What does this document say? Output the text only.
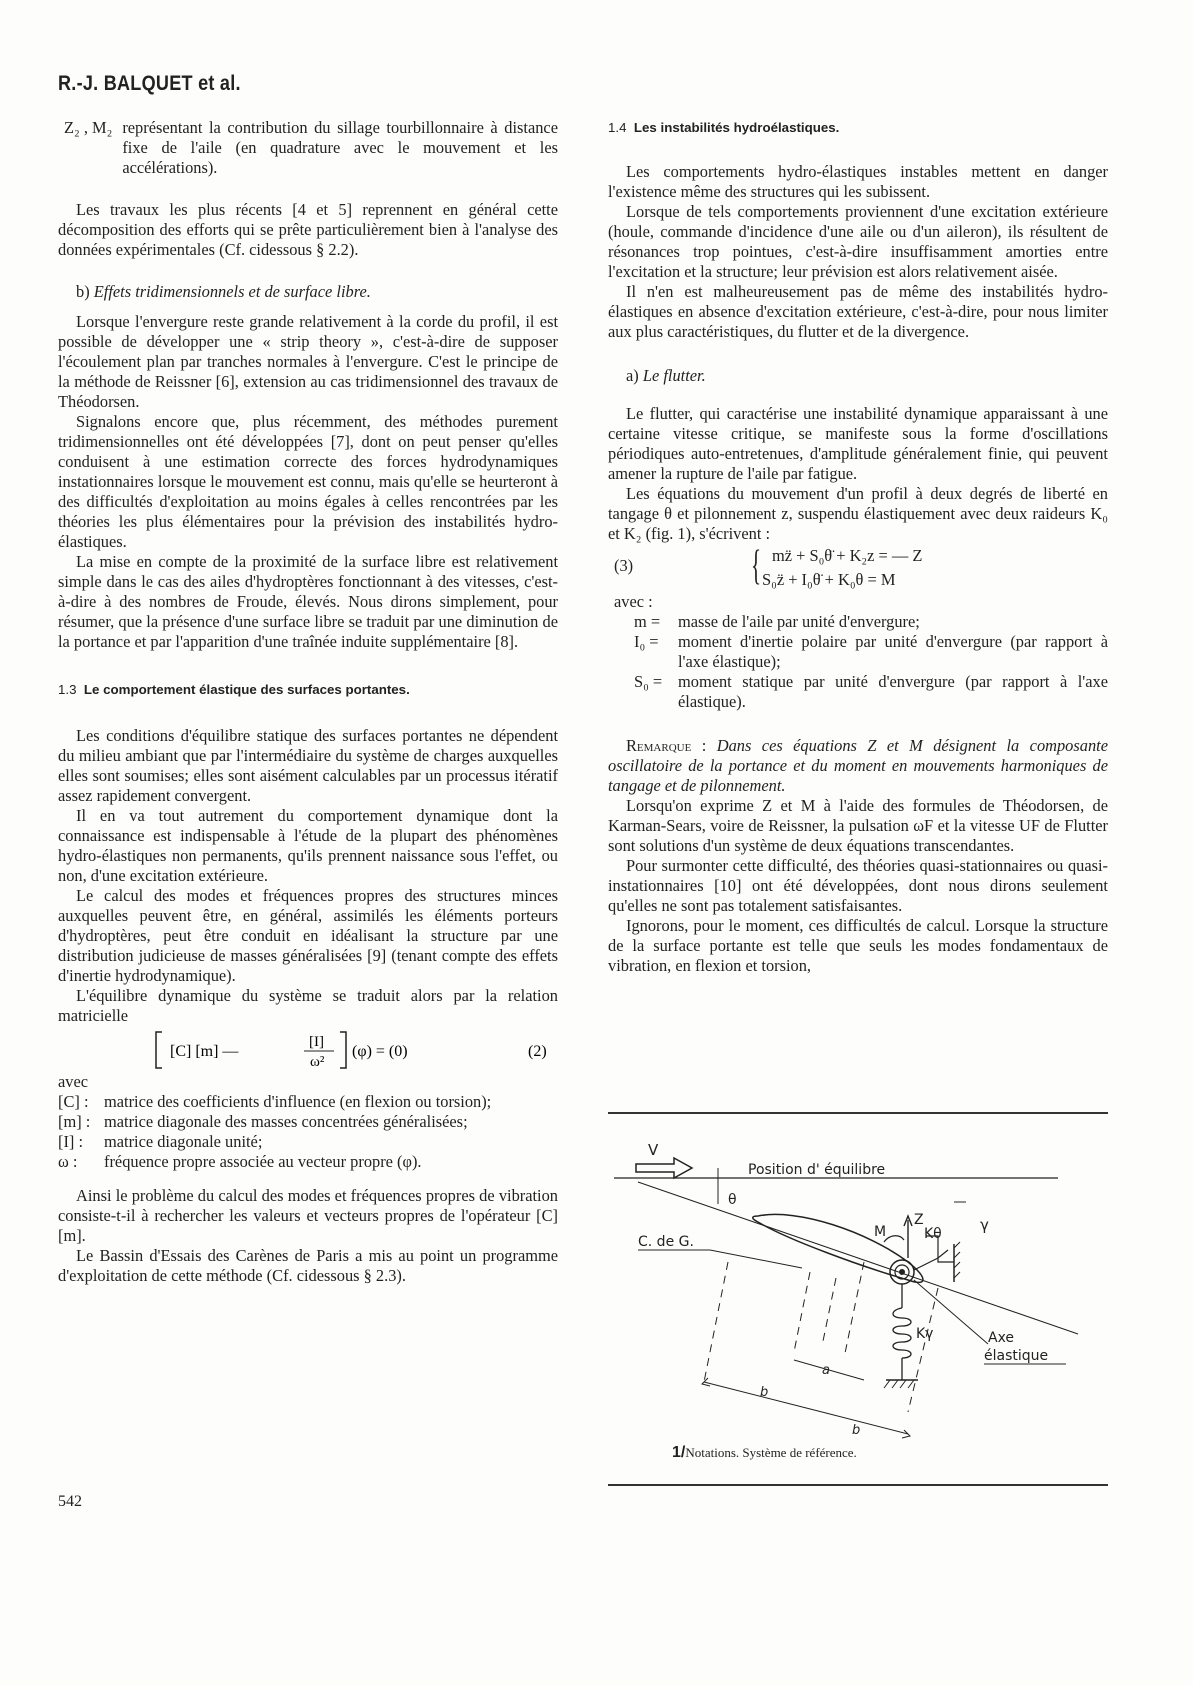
R.-J. BALQUET et al.
Z₂ , M₂ représentant la contribution du sillage tourbillonnaire à distance fixe de l'aile (en quadrature avec le mouvement et les accélérations).

Les travaux les plus récents [4 et 5] reprennent en général cette décomposition des efforts qui se prête particulièrement bien à l'analyse des données expérimentales (Cf. cidessous § 2.2).

b) Effets tridimensionnels et de surface libre.

Lorsque l'envergure reste grande relativement à la corde du profil, il est possible de développer une « strip theory », c'est-à-dire de supposer l'écoulement plan par tranches normales à l'envergure. C'est le principe de la méthode de Reissner [6], extension au cas tridimensionnel des travaux de Théodorsen.

Signalons encore que, plus récemment, des méthodes purement tridimensionnelles ont été développées [7], dont on peut penser qu'elles conduisent à une estimation correcte des forces hydrodynamiques instationnaires lorsque le mouvement est connu, mais qu'elle se heurteront à des difficultés d'exploitation au moins égales à celles rencontrées par les théories les plus élémentaires pour la prévision des instabilités hydro-élastiques.

La mise en compte de la proximité de la surface libre est relativement simple dans le cas des ailes d'hydroptères fonctionnant à des vitesses, c'est-à-dire à des nombres de Froude, élevés. Nous dirons simplement, pour résumer, que la présence d'une surface libre se traduit par une diminution de la portance et par l'apparition d'une traînée induite supplémentaire [8].

1.3 Le comportement élastique des surfaces portantes.

Les conditions d'équilibre statique des surfaces portantes ne dépendent du milieu ambiant que par l'intermédiaire du système de charges auxquelles elles sont soumises; elles sont aisément calculables par un processus itératif assez rapidement convergent.

Il en va tout autrement du comportement dynamique dont la connaissance est indispensable à l'étude de la plupart des phénomènes hydro-élastiques non permanents, qu'ils prennent naissance sous l'effet, ou non, d'une excitation extérieure.

Le calcul des modes et fréquences propres des structures minces auxquelles peuvent être, en général, assimilés les éléments porteurs d'hydroptères, peut être conduit en idéalisant la structure par une distribution judicieuse de masses généralisées [9] (tenant compte des effets d'inertie hydrodynamique).

L'équilibre dynamique du système se traduit alors par la relation matricielle

[C] [m] —
[I]
ω²
(φ) = (0)	(2)

avec

[C] : matrice des coefficients d'influence (en flexion ou torsion);
[m] : matrice diagonale des masses concentrées généralisées;
[I] :	matrice diagonale unité;
ω :	fréquence propre associée au vecteur propre (φ).

Ainsi le problème du calcul des modes et fréquences propres de vibration consiste-t-il à rechercher les valeurs et vecteurs propres de l'opérateur [C] [m].

Le Bassin d'Essais des Carènes de Paris a mis au point un programme d'exploitation de cette méthode (Cf. cidessous § 2.3).

542
1.4 Les instabilités hydroélastiques.

Les comportements hydro-élastiques instables mettent en danger l'existence même des structures qui les subissent.

Lorsque de tels comportements proviennent d'une excitation extérieure (houle, commande d'incidence d'une aile ou d'un aileron), ils résultent de résonances trop pointues, c'est-à-dire insuffisamment amorties entre l'excitation et la structure; leur prévision est alors relativement aisée.

Il n'en est malheureusement pas de même des instabilités hydro-élastiques en absence d'excitation extérieure, c'est-à-dire, pour nous limiter aux plus caractéristiques, du flutter et de la divergence.

a) Le flutter.

Le flutter, qui caractérise une instabilité dynamique apparaissant à une certaine vitesse critique, se manifeste sous la forme d'oscillations périodiques auto-entretenues, d'amplitude généralement finie, qui peuvent amener la rupture de l'aile par fatigue.

Les équations du mouvement d'un profil à deux degrés de liberté en tangage θ et pilonnement z, suspendu élastiquement avec deux raideurs K₀ et K₂ (fig. 1), s'écrivent :

(3)	{ mz̈ + S₀θ̈ + K₂z = — Z
S₀z̈ + I₀θ̈ + K₀θ = M

avec :

m =	masse de l'aile par unité d'envergure;
I₀ =	moment d'inertie polaire par unité d'envergure (par rapport à l'axe élastique);
S₀ = moment statique par unité d'envergure (par rapport à l'axe élastique).

Remarque : Dans ces équations Z et M désignent la composante oscillatoire de la portance et du moment en mouvements harmoniques de tangage et de pilonnement.

Lorsqu'on exprime Z et M à l'aide des formules de Théodorsen, de Karman-Sears, voire de Reissner, la pulsation ωF et la vitesse UF de Flutter sont solutions d'un système de deux équations transcendantes.

Pour surmonter cette difficulté, des théories quasi-stationnaires ou quasi-instationnaires [10] ont été développées, dont nous dirons seulement qu'elles ne sont pas totalement satisfaisantes.

Ignorons, pour le moment, ces difficultés de calcul. Lorsque la structure de la surface portante est telle que seuls les modes fondamentaux de vibration, en flexion et torsion,

V
Position d' équilibre
θ
Z
M	Kθ	γ
Kγ
C. de G.
Axe
élastique
a
b
b
1/Notations. Système de référence.
